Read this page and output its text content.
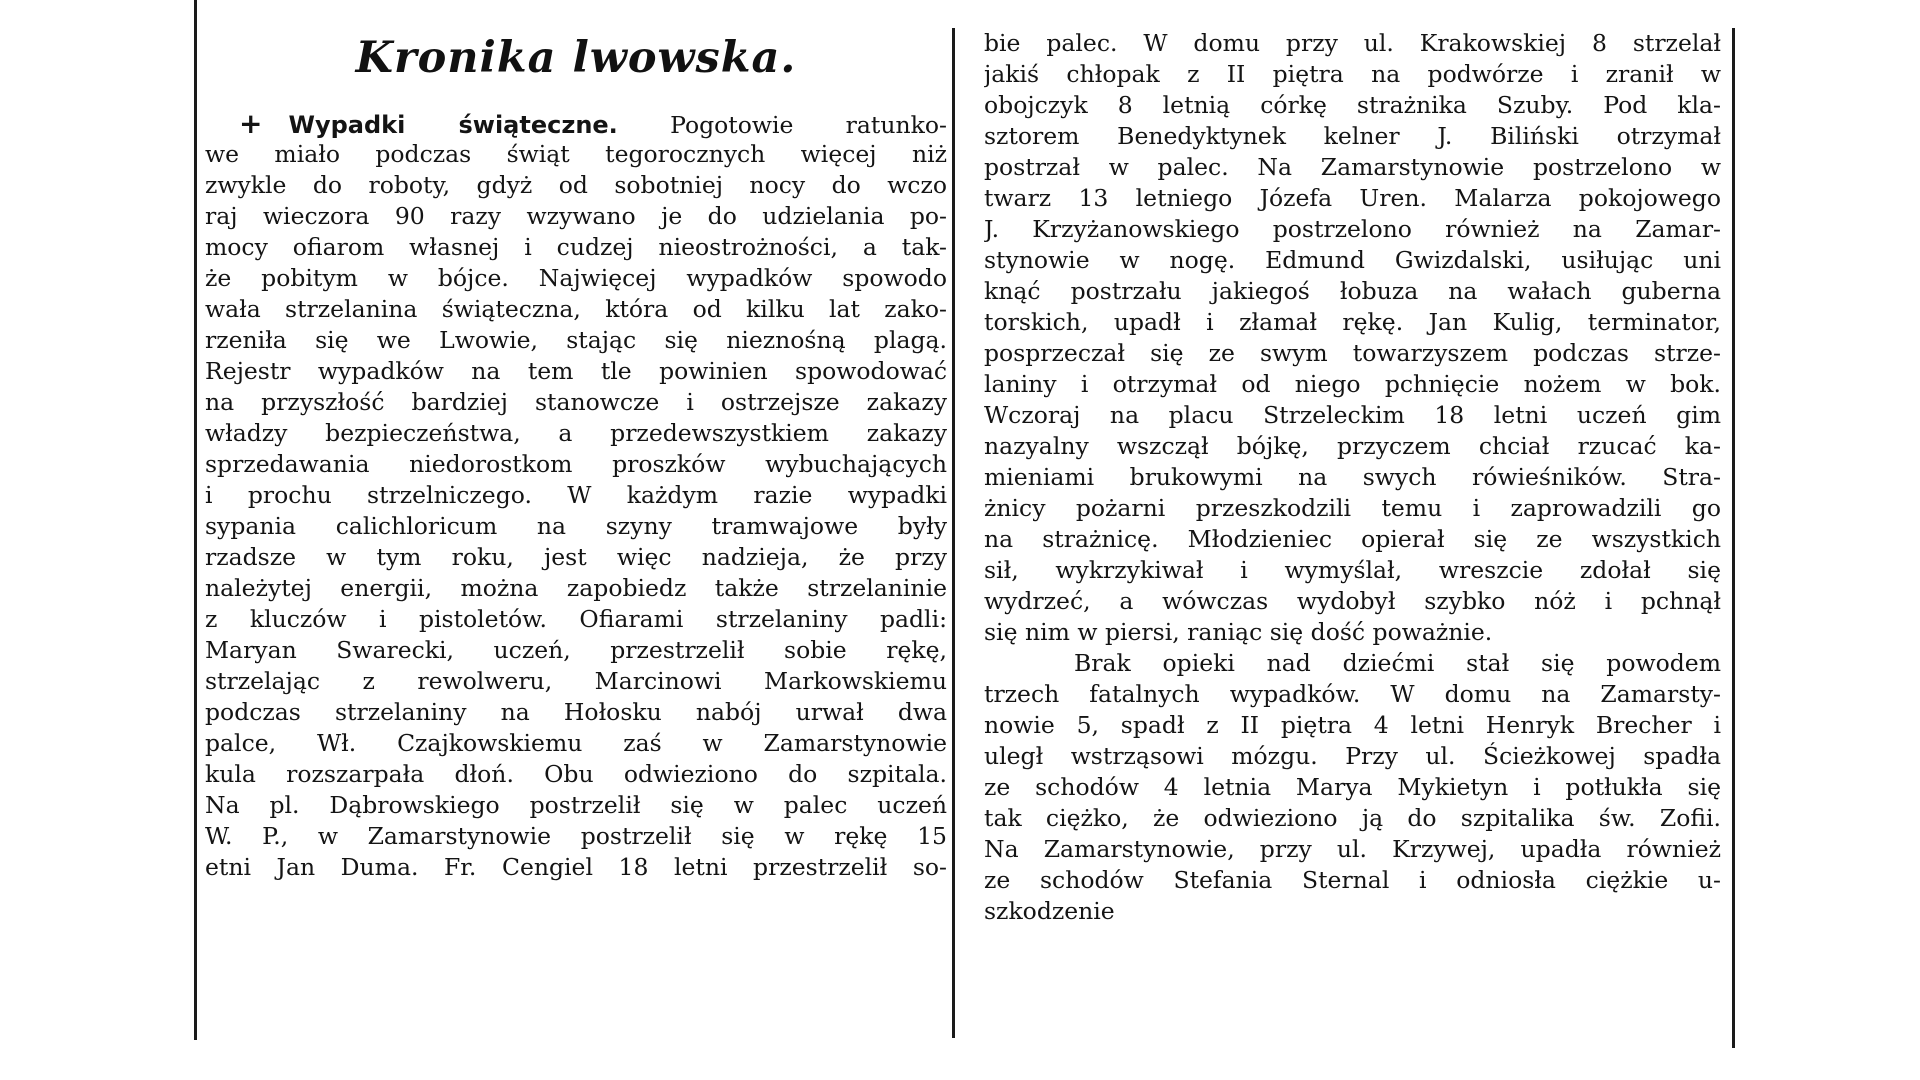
Kronika lwowska.
+ Wypadki świąteczne. Pogotowie ratunko-
we miało podczas świąt tegorocznych więcej niż
zwykle do roboty, gdyż od sobotniej nocy do wczo
raj wieczora 90 razy wzywano je do udzielania po-
mocy ofiarom własnej i cudzej nieostrożności, a tak-
że pobitym w bójce. Najwięcej wypadków spowodo
wała strzelanina świąteczna, która od kilku lat zako-
rzeniła się we Lwowie, stając się nieznośną plagą.
Rejestr wypadków na tem tle powinien spowodować
na przyszłość bardziej stanowcze i ostrzejsze zakazy
władzy bezpieczeństwa, a przedewszystkiem zakazy
sprzedawania niedorostkom proszków wybuchających
i prochu strzelniczego. W każdym razie wypadki
sypania calichloricum na szyny tramwajowe były
rzadsze w tym roku, jest więc nadzieja, że przy
należytej energii, można zapobiedz także strzelaninie
z kluczów i pistoletów. Ofiarami strzelaniny padli:
Maryan Swarecki, uczeń, przestrzelił sobie rękę,
strzelając z rewolweru, Marcinowi Markowskiemu
podczas strzelaniny na Hołosku nabój urwał dwa
palce, Wł. Czajkowskiemu zaś w Zamarstynowie
kula rozszarpała dłoń. Obu odwieziono do szpitala.
Na pl. Dąbrowskiego postrzelił się w palec uczeń
W. P., w Zamarstynowie postrzelił się w rękę 15
etni Jan Duma. Fr. Cengiel 18 letni przestrzelił so-
bie palec. W domu przy ul. Krakowskiej 8 strzelał
jakiś chłopak z II piętra na podwórze i zranił w
obojczyk 8 letnią córkę strażnika Szuby. Pod kla-
sztorem Benedyktynek kelner J. Biliński otrzymał
postrzał w palec. Na Zamarstynowie postrzelono w
twarz 13 letniego Józefa Uren. Malarza pokojowego
J. Krzyżanowskiego postrzelono również na Zamar-
stynowie w nogę. Edmund Gwizdalski, usiłując uni
knąć postrzału jakiegoś łobuza na wałach guberna
torskich, upadł i złamał rękę. Jan Kulig, terminator,
posprzeczał się ze swym towarzyszem podczas strze-
laniny i otrzymał od niego pchnięcie nożem w bok.
Wczoraj na placu Strzeleckim 18 letni uczeń gim
nazyalny wszczął bójkę, przyczem chciał rzucać ka-
mieniami brukowymi na swych rówieśników. Stra-
żnicy pożarni przeszkodzili temu i zaprowadzili go
na strażnicę. Młodzieniec opierał się ze wszystkich
sił, wykrzykiwał i wymyślał, wreszcie zdołał się
wydrzeć, a wówczas wydobył szybko nóż i pchnął
się nim w piersi, raniąc się dość poważnie.
Brak opieki nad dziećmi stał się powodem
trzech fatalnych wypadków. W domu na Zamarsty-
nowie 5, spadł z II piętra 4 letni Henryk Brecher i
uległ wstrząsowi mózgu. Przy ul. Ścieżkowej spadła
ze schodów 4 letnia Marya Mykietyn i potłukła się
tak ciężko, że odwieziono ją do szpitalika św. Zofii.
Na Zamarstynowie, przy ul. Krzywej, upadła również
ze schodów Stefania Sternal i odniosła ciężkie u-
szkodzenie
